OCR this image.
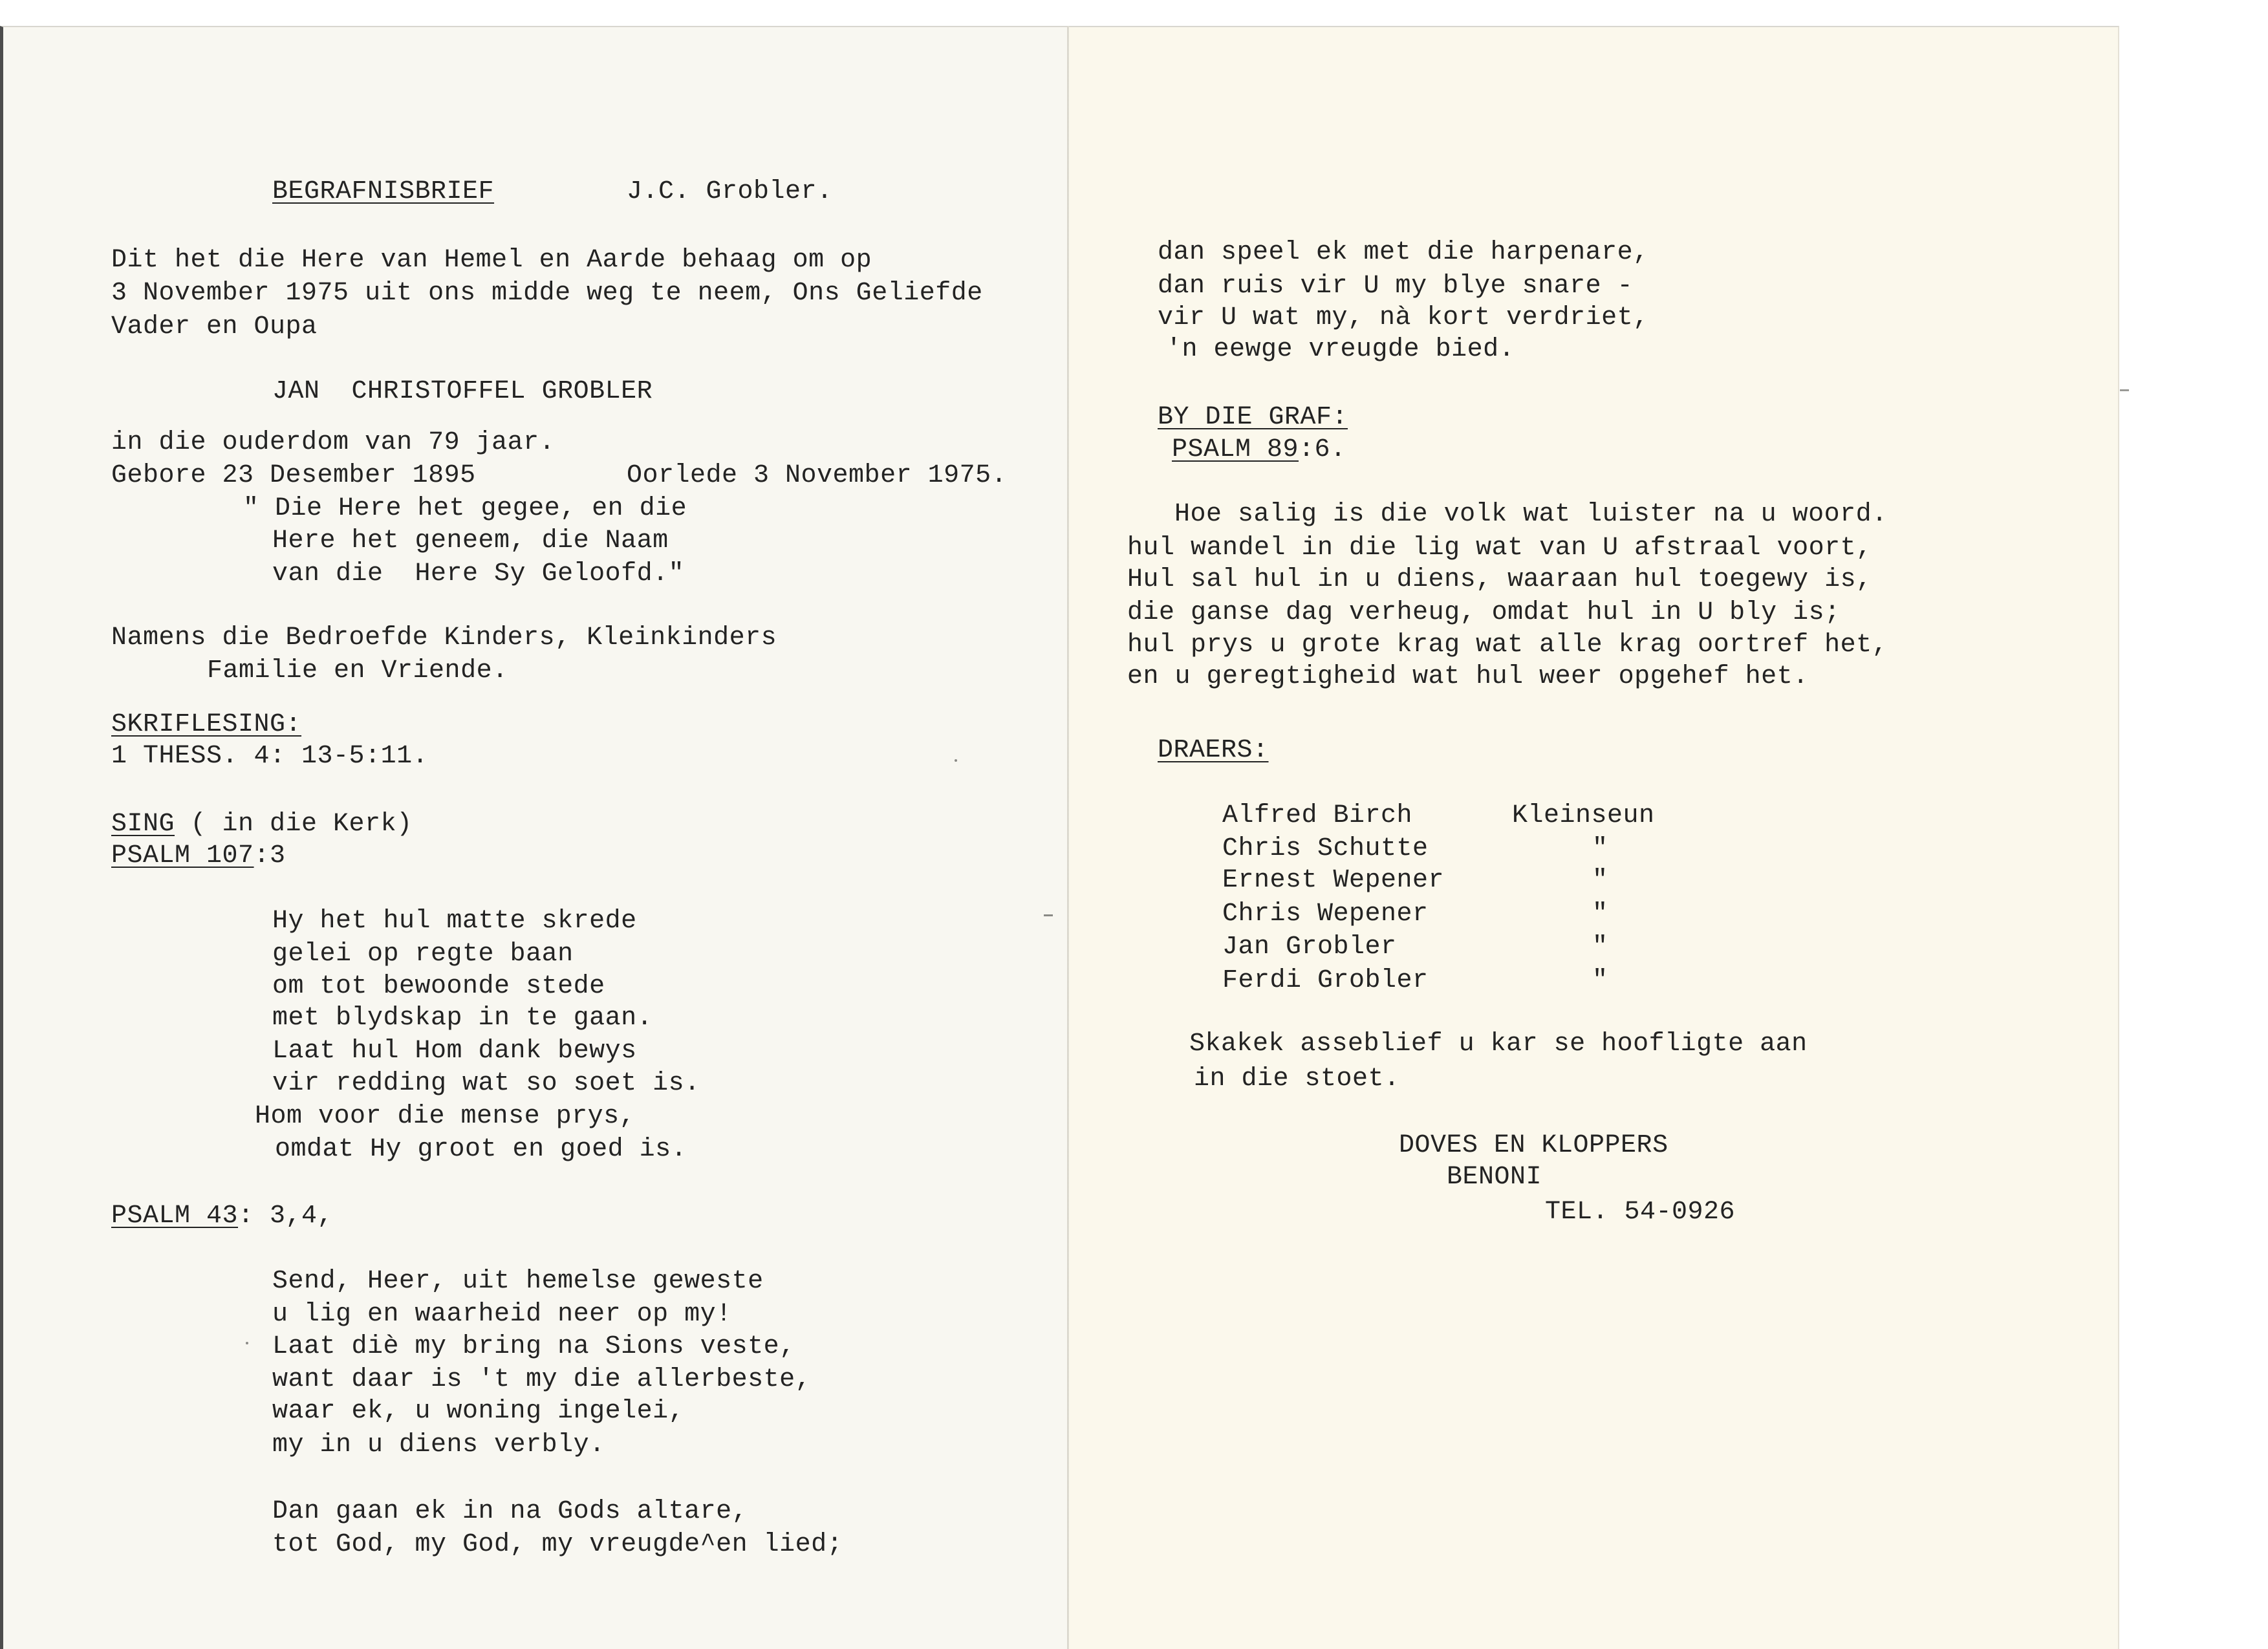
BEGRAFNISBRIEF	J.C. Grobler.
Dit het die Here van Hemel en Aarde behaag om op
3 November 1975 uit ons midde weg te neem, Ons Geliefde
Vader en Oupa
JAN  CHRISTOFFEL GROBLER
in die ouderdom van 79 jaar.
Gebore 23 Desember 1895	Oorlede 3 November 1975.
" Die Here het gegee, en die
Here het geneem, die Naam
van die  Here Sy Geloofd."
Namens die Bedroefde Kinders, Kleinkinders
Familie en Vriende.
SKRIFLESING:
1 THESS. 4: 13-5:11.
SING ( in die Kerk)
PSALM 107:3
Hy het hul matte skrede
gelei op regte baan
om tot bewoonde stede
met blydskap in te gaan.
Laat hul Hom dank bewys
vir redding wat so soet is.
Hom voor die mense prys,
omdat Hy groot en goed is.
PSALM 43: 3,4,
Send, Heer, uit hemelse geweste
u lig en waarheid neer op my!
Laat diè my bring na Sions veste,
want daar is 't my die allerbeste,
waar ek, u woning ingelei,
my in u diens verbly.
Dan gaan ek in na Gods altare,
tot God, my God, my vreugde^en lied;
dan speel ek met die harpenare,
dan ruis vir U my blye snare -
vir U wat my, nà kort verdriet,
'n eewge vreugde bied.
BY DIE GRAF:
PSALM 89:6.
Hoe salig is die volk wat luister na u woord.
hul wandel in die lig wat van U afstraal voort,
Hul sal hul in u diens, waaraan hul toegewy is,
die ganse dag verheug, omdat hul in U bly is;
hul prys u grote krag wat alle krag oortref het,
en u geregtigheid wat hul weer opgehef het.
DRAERS:
Alfred Birch	Kleinseun
Chris Schutte	"
Ernest Wepener	"
Chris Wepener	"
Jan Grobler	"
Ferdi Grobler	"
Skakek asseblief u kar se hoofligte aan
in die stoet.
DOVES EN KLOPPERS
BENONI
TEL. 54-0926
